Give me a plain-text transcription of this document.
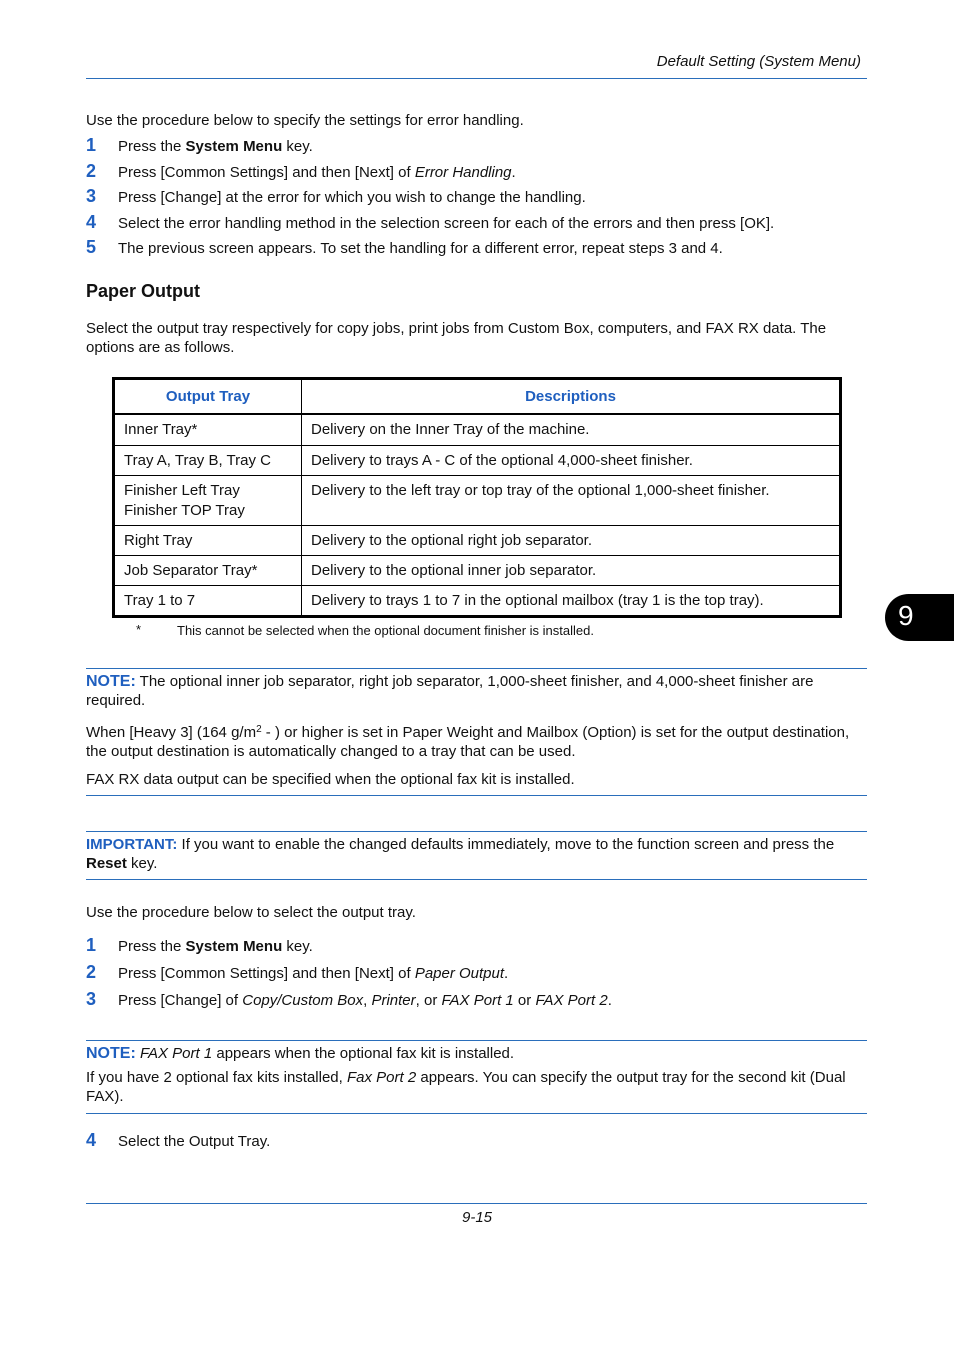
Default Setting (System Menu)
Use the procedure below to specify the settings for error handling.
1 Press the System Menu key.
2 Press [Common Settings] and then [Next] of Error Handling.
3 Press [Change] at the error for which you wish to change the handling.
4 Select the error handling method in the selection screen for each of the errors and then press [OK].
5 The previous screen appears. To set the handling for a different error, repeat steps 3 and 4.
Paper Output
Select the output tray respectively for copy jobs, print jobs from Custom Box, computers, and FAX RX data. The options are as follows.
Output Tray	Descriptions
Inner Tray*	Delivery on the Inner Tray of the machine.
Tray A, Tray B, Tray C	Delivery to trays A - C of the optional 4,000-sheet finisher.

Finisher Left Tray
Finisher TOP Tray	Delivery to the left tray or top tray of the optional 1,000-sheet finisher.
Right Tray	Delivery to the optional right job separator.
Job Separator Tray*	Delivery to the optional inner job separator.
Tray 1 to 7	Delivery to trays 1 to 7 in the optional mailbox (tray 1 is the top tray).
*	This cannot be selected when the optional document finisher is installed.	9
NOTE: The optional inner job separator, right job separator, 1,000-sheet finisher, and 4,000-sheet finisher are required.
When [Heavy 3] (164 $g/m^2$ - ) or higher is set in Paper Weight and Mailbox (Option) is set for the output destination, the output destination is automatically changed to a tray that can be used.
FAX RX data output can be specified when the optional fax kit is installed.
IMPORTANT: If you want to enable the changed defaults immediately, move to the function screen and press the Reset key.
Use the procedure below to select the output tray.
1 Press the System Menu key.
2 Press [Common Settings] and then [Next] of Paper Output.
3 Press [Change] of Copy/Custom Box, Printer, or FAX Port 1 or FAX Port 2.
NOTE: FAX Port 1 appears when the optional fax kit is installed.
If you have 2 optional fax kits installed, Fax Port 2 appears. You can specify the output tray for the second kit (Dual FAX).
4 Select the Output Tray.
9-15
